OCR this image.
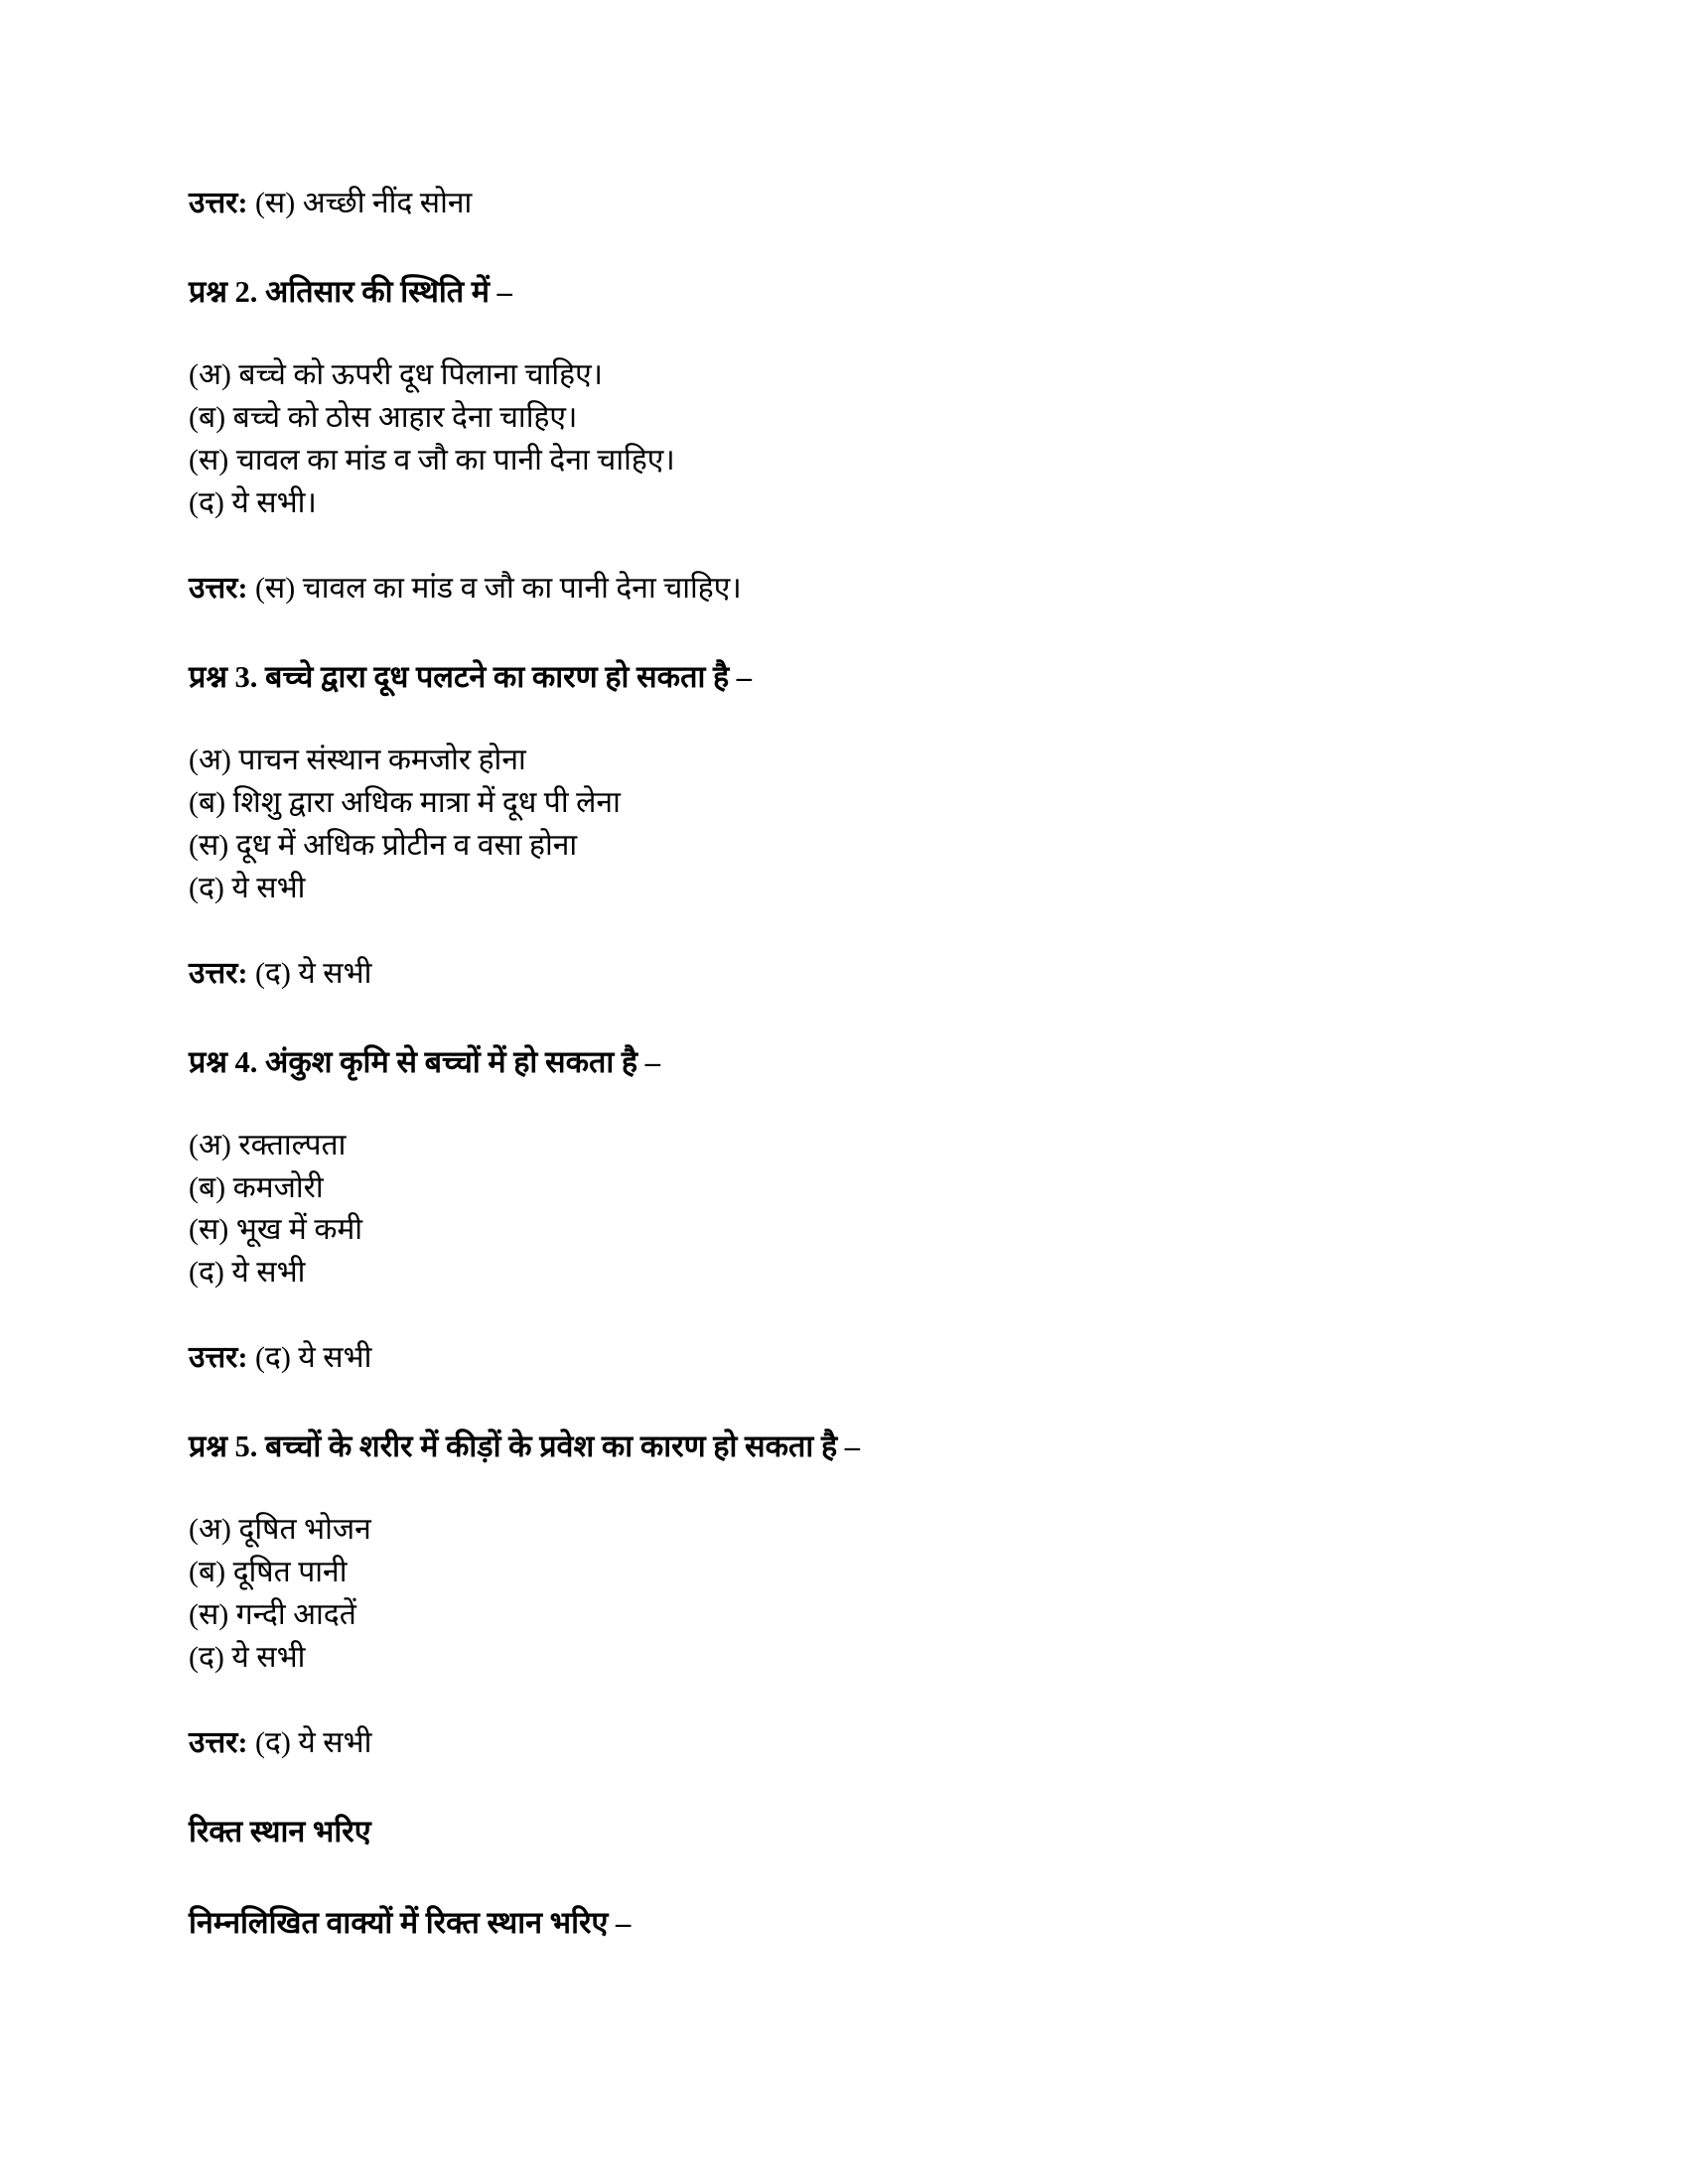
उत्तर: (स) अच्छी नींद सोना

प्रश्न 2. अतिसार की स्थिति में –

(अ) बच्चे को ऊपरी दूध पिलाना चाहिए।
(ब) बच्चे को ठोस आहार देना चाहिए।
(स) चावल का मांड व जौ का पानी देना चाहिए।
(द) ये सभी।

उत्तर: (स) चावल का मांड व जौ का पानी देना चाहिए।

प्रश्न 3. बच्चे द्वारा दूध पलटने का कारण हो सकता है –

(अ) पाचन संस्थान कमजोर होना
(ब) शिशु द्वारा अधिक मात्रा में दूध पी लेना
(स) दूध में अधिक प्रोटीन व वसा होना
(द) ये सभी

उत्तर: (द) ये सभी

प्रश्न 4. अंकुश कृमि से बच्चों में हो सकता है –

(अ) रक्ताल्पता
(ब) कमजोरी
(स) भूख में कमी
(द) ये सभी

उत्तर: (द) ये सभी

प्रश्न 5. बच्चों के शरीर में कीड़ों के प्रवेश का कारण हो सकता है –

(अ) दूषित भोजन
(ब) दूषित पानी
(स) गन्दी आदतें
(द) ये सभी

उत्तर: (द) ये सभी

रिक्त स्थान भरिए

निम्नलिखित वाक्यों में रिक्त स्थान भरिए –
